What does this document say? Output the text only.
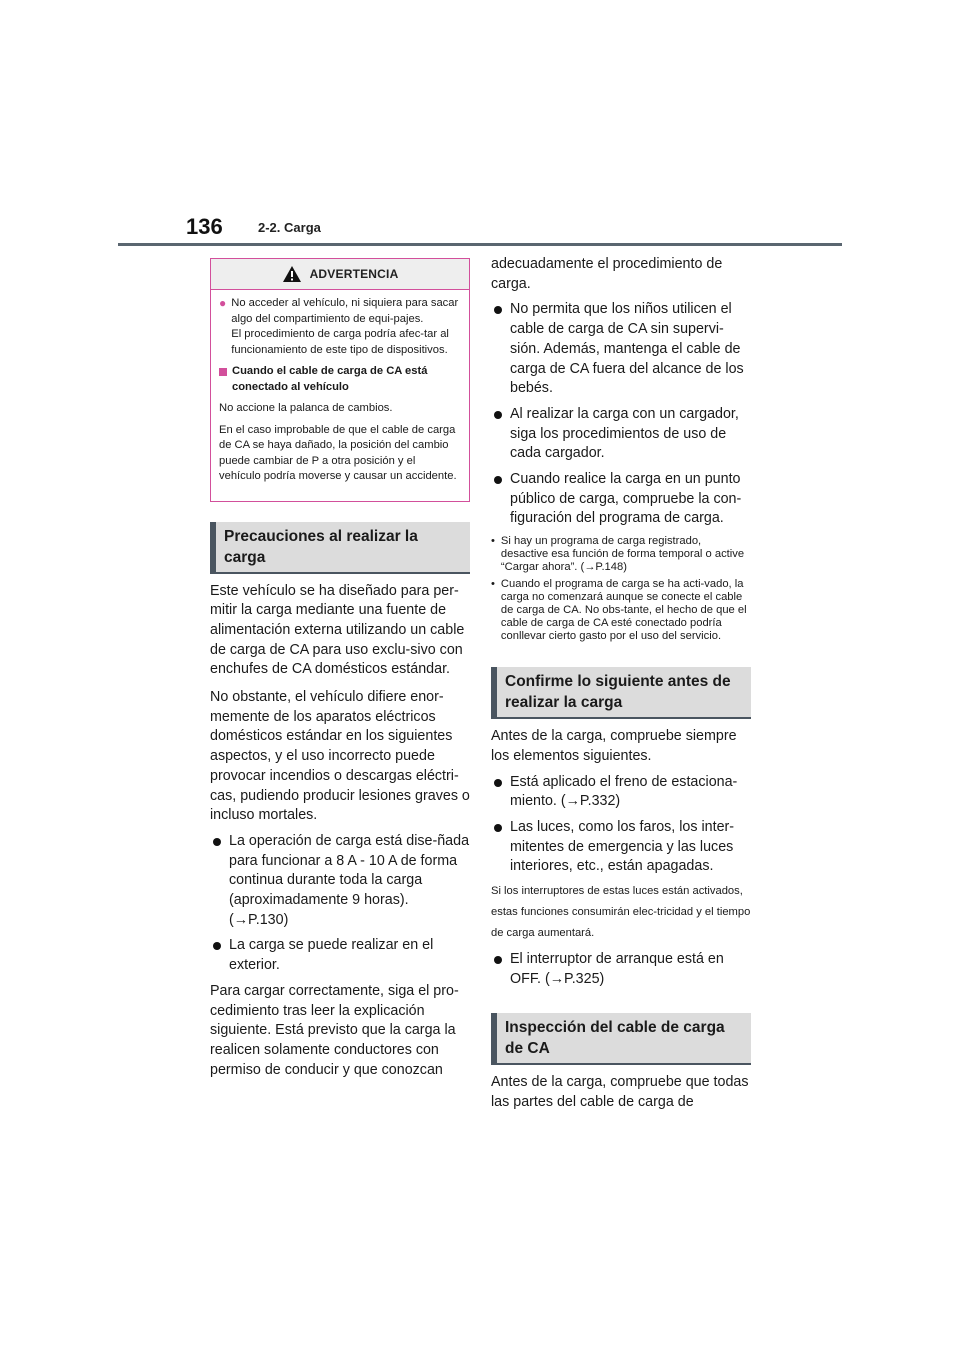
136	2-2. Carga
ADVERTENCIA
● No acceder al vehículo, ni siquiera para sacar algo del compartimiento de equi-pajes.
El procedimiento de carga podría afec-tar al funcionamiento de este tipo de dispositivos.
Cuando el cable de carga de CA está conectado al vehículo
No accione la palanca de cambios.
En el caso improbable de que el cable de carga de CA se haya dañado, la posición del cambio puede cambiar de P a otra posición y el vehículo podría moverse y causar un accidente.
Precauciones al realizar la carga

Este vehículo se ha diseñado para per-mitir la carga mediante una fuente de alimentación externa utilizando un cable de carga de CA para uso exclu-sivo con enchufes de CA domésticos estándar.

No obstante, el vehículo difiere enor-memente de los aparatos eléctricos domésticos estándar en los siguientes aspectos, y el uso incorrecto puede provocar incendios o descargas eléctri-cas, pudiendo producir lesiones graves o incluso mortales.

La operación de carga está dise-ñada para funcionar a 8 A - 10 A de forma continua durante toda la carga (aproximadamente 9 horas). (→P.130)
La carga se puede realizar en el exterior.

Para cargar correctamente, siga el pro-cedimiento tras leer la explicación siguiente. Está previsto que la carga la realicen solamente conductores con permiso de conducir y que conozcan

adecuadamente el procedimiento de carga.

No permita que los niños utilicen el cable de carga de CA sin supervi-sión. Además, mantenga el cable de carga de CA fuera del alcance de los bebés.
Al realizar la carga con un cargador, siga los procedimientos de uso de cada cargador.
Cuando realice la carga en un punto público de carga, compruebe la con-figuración del programa de carga.
• Si hay un programa de carga registrado, desactive esa función de forma temporal o active “Cargar ahora”. (→P.148)
• Cuando el programa de carga se ha acti-vado, la carga no comenzará aunque se conecte el cable de carga de CA. No obs-tante, el hecho de que el cable de carga de CA esté conectado podría conllevar cierto gasto por el uso del servicio.
Confirme lo siguiente antes de realizar la carga

Antes de la carga, compruebe siempre los elementos siguientes.

Está aplicado el freno de estaciona-miento. (→P.332)
Las luces, como los faros, los inter-mitentes de emergencia y las luces interiores, etc., están apagadas.

Si los interruptores de estas luces están activados, estas funciones consumirán elec-tricidad y el tiempo de carga aumentará.

El interruptor de arranque está en OFF. (→P.325)
Inspección del cable de carga de CA

Antes de la carga, compruebe que todas las partes del cable de carga de
